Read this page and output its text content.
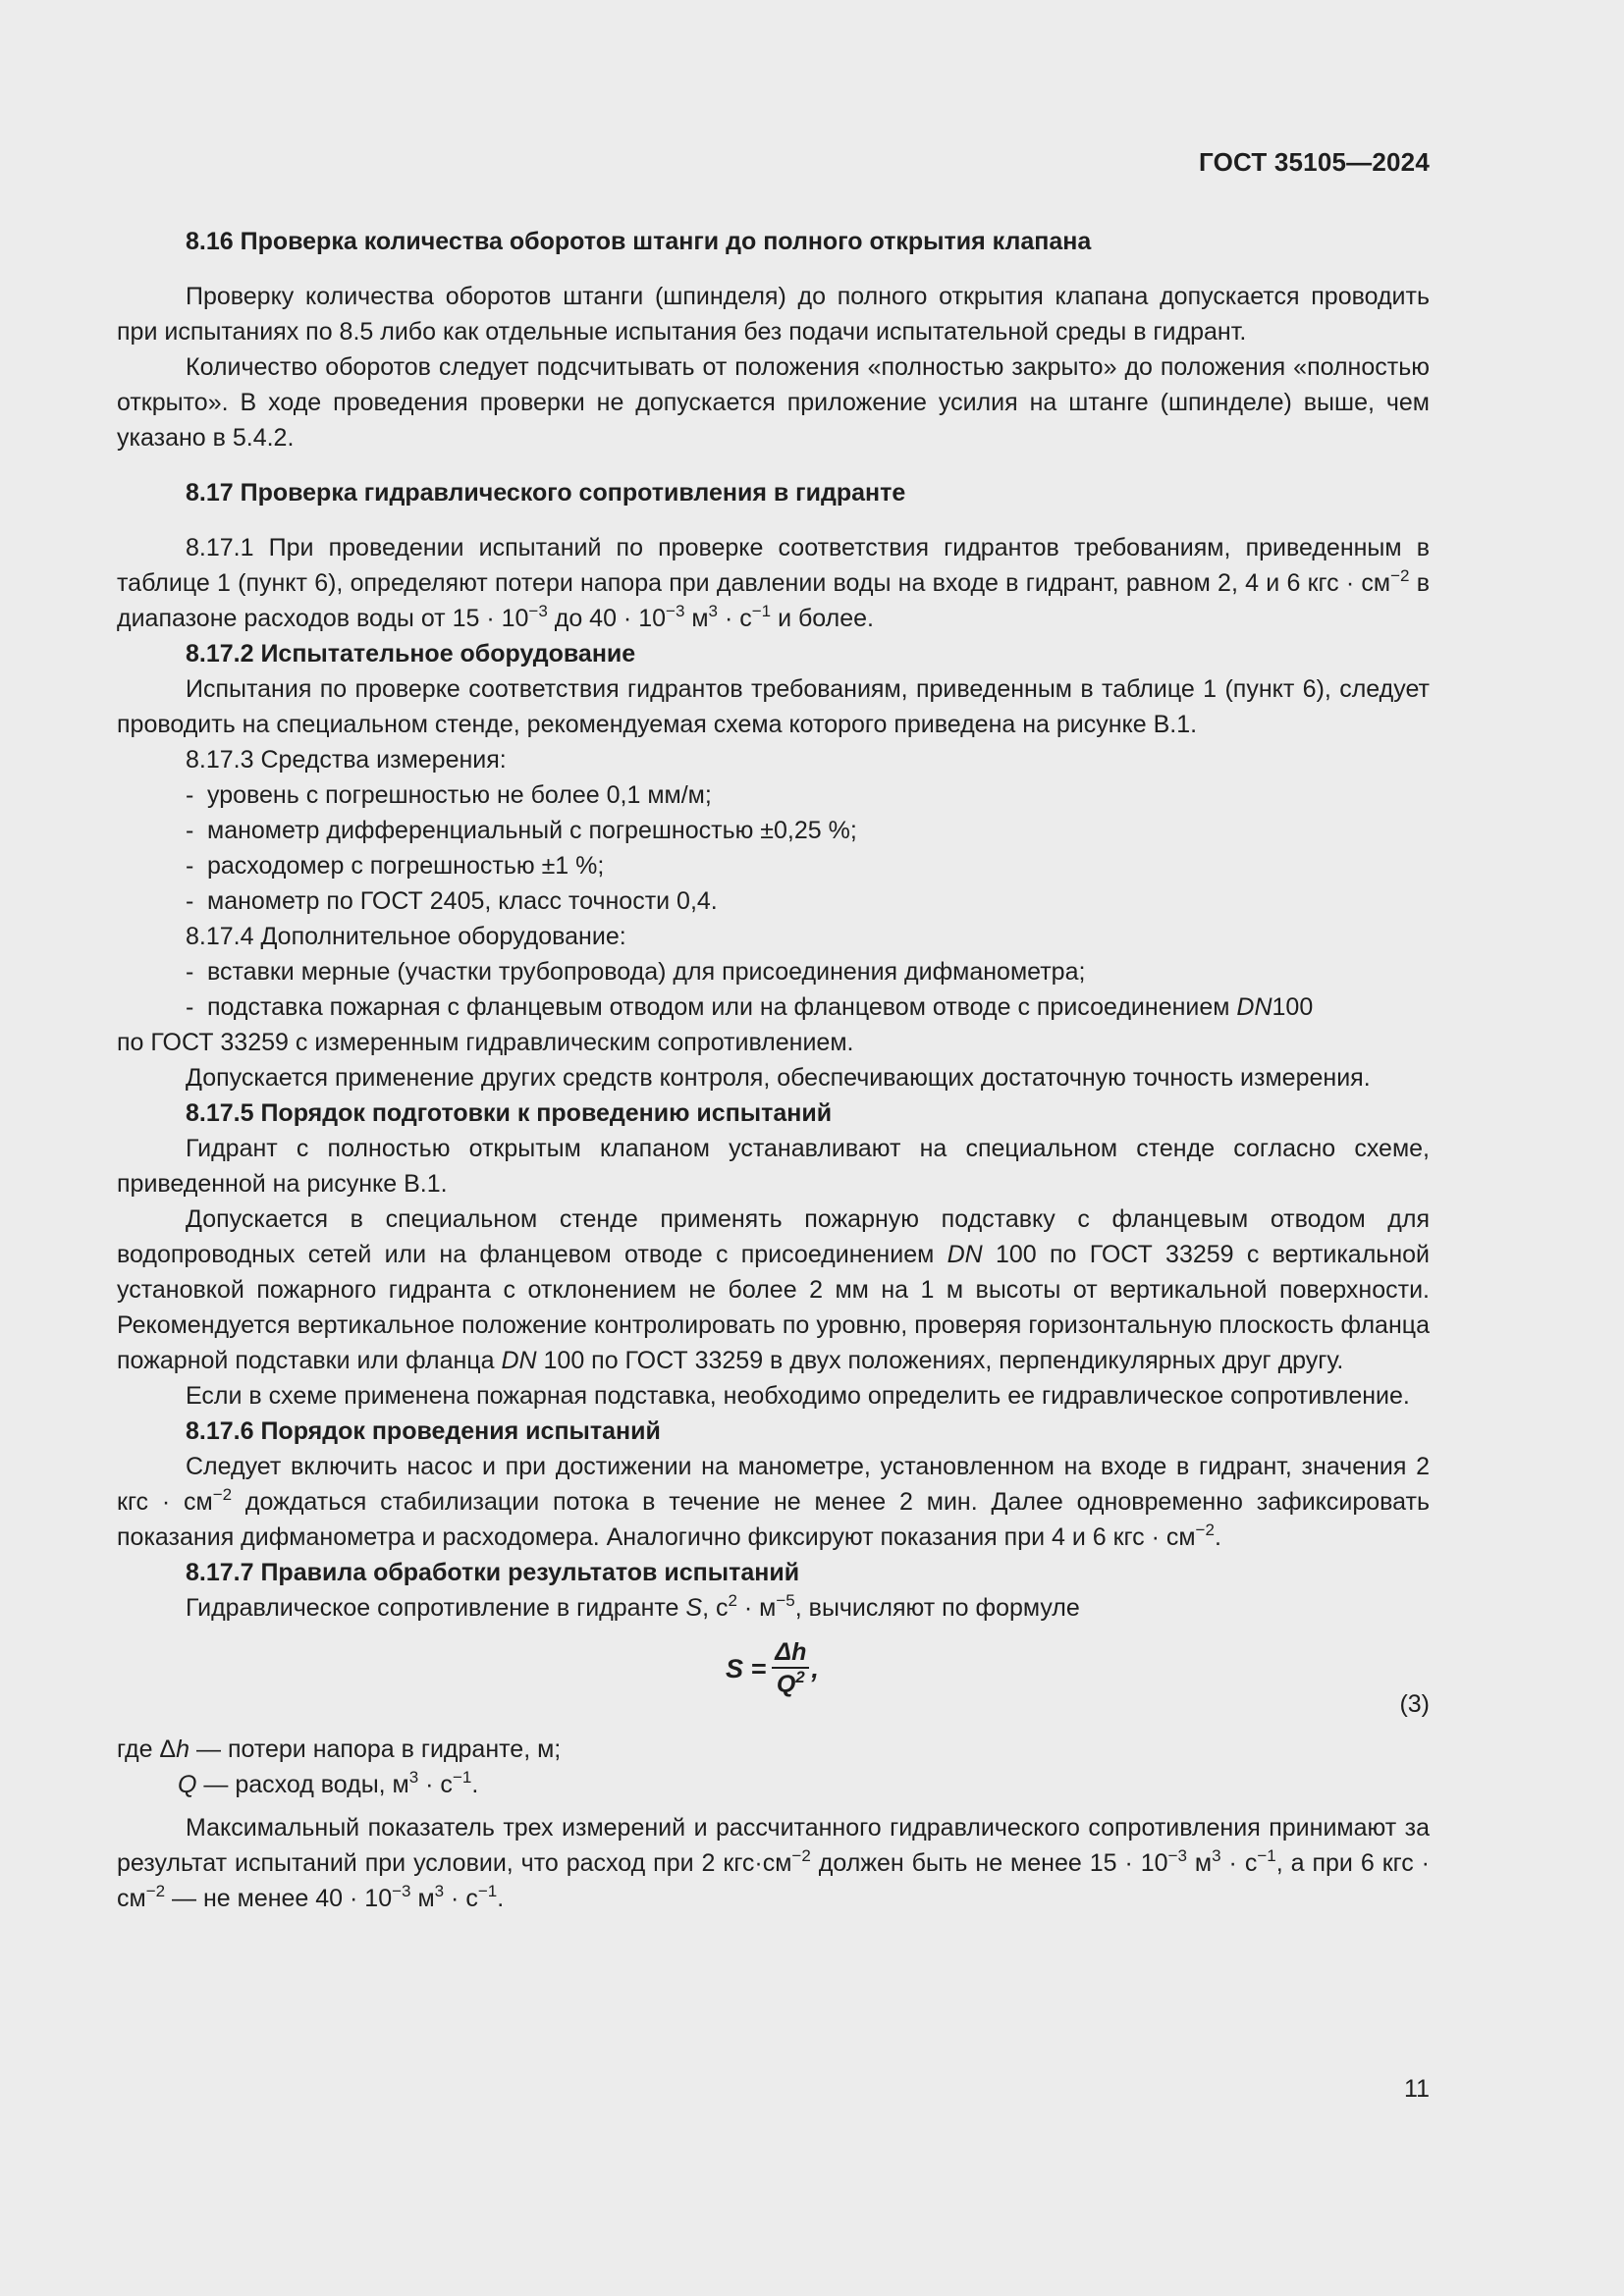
ГОСТ 35105—2024

8.16 Проверка количества оборотов штанги до полного открытия клапана

Проверку количества оборотов штанги (шпинделя) до полного открытия клапана допускается проводить при испытаниях по 8.5 либо как отдельные испытания без подачи испытательной среды в гидрант.

Количество оборотов следует подсчитывать от положения «полностью закрыто» до положения «полностью открыто». В ходе проведения проверки не допускается приложение усилия на штанге (шпинделе) выше, чем указано в 5.4.2.

8.17 Проверка гидравлического сопротивления в гидранте

8.17.1 При проведении испытаний по проверке соответствия гидрантов требованиям, приведенным в таблице 1 (пункт 6), определяют потери напора при давлении воды на входе в гидрант, равном 2, 4 и 6 кгс · $см^{-2}$ в диапазоне расходов воды от $15 \cdot 10^{-3}$ до $40 \cdot 10^{-3}$ $м^3 \cdot с^{-1}$ и более.

8.17.2 Испытательное оборудование

Испытания по проверке соответствия гидрантов требованиям, приведенным в таблице 1 (пункт 6), следует проводить на специальном стенде, рекомендуемая схема которого приведена на рисунке В.1.

8.17.3 Средства измерения:

- уровень с погрешностью не более 0,1 мм/м;

- манометр дифференциальный с погрешностью ±0,25 %;

- расходомер с погрешностью ±1 %;

- манометр по ГОСТ 2405, класс точности 0,4.

8.17.4 Дополнительное оборудование:

- вставки мерные (участки трубопровода) для присоединения дифманометра;

- подставка пожарная с фланцевым отводом или на фланцевом отводе с присоединением DN100

по ГОСТ 33259 с измеренным гидравлическим сопротивлением.

Допускается применение других средств контроля, обеспечивающих достаточную точность измерения.

8.17.5 Порядок подготовки к проведению испытаний

Гидрант с полностью открытым клапаном устанавливают на специальном стенде согласно схеме, приведенной на рисунке В.1.

Допускается в специальном стенде применять пожарную подставку с фланцевым отводом для водопроводных сетей или на фланцевом отводе с присоединением DN 100 по ГОСТ 33259 с вертикальной установкой пожарного гидранта с отклонением не более 2 мм на 1 м высоты от вертикальной поверхности. Рекомендуется вертикальное положение контролировать по уровню, проверяя горизонтальную плоскость фланца пожарной подставки или фланца DN 100 по ГОСТ 33259 в двух положениях, перпендикулярных друг другу.

Если в схеме применена пожарная подставка, необходимо определить ее гидравлическое сопротивление.

8.17.6 Порядок проведения испытаний

Следует включить насос и при достижении на манометре, установленном на входе в гидрант, значения 2 кгс · $см^{-2}$ дождаться стабилизации потока в течение не менее 2 мин. Далее одновременно зафиксировать показания дифманометра и расходомера. Аналогично фиксируют показания при 4 и 6 кгс · $см^{-2}$.

8.17.7 Правила обработки результатов испытаний

Гидравлическое сопротивление в гидранте S, $с^2 \cdot м^{-5}$, вычисляют по формуле

$S = \frac{\Delta h}{Q^2}$ ,
(3)

где Δh — потери напора в гидранте, м;

Q — расход воды, $м^3 \cdot с^{-1}$.

Максимальный показатель трех измерений и рассчитанного гидравлического сопротивления принимают за результат испытаний при условии, что расход при 2 $кгс\cdot см^{-2}$ должен быть не менее $15 \cdot 10^{-3}$ $м^3 \cdot с^{-1}$, а при 6 кгс · $см^{-2}$ — не менее $40 \cdot 10^{-3}$ $м^3 \cdot с^{-1}$.

11
